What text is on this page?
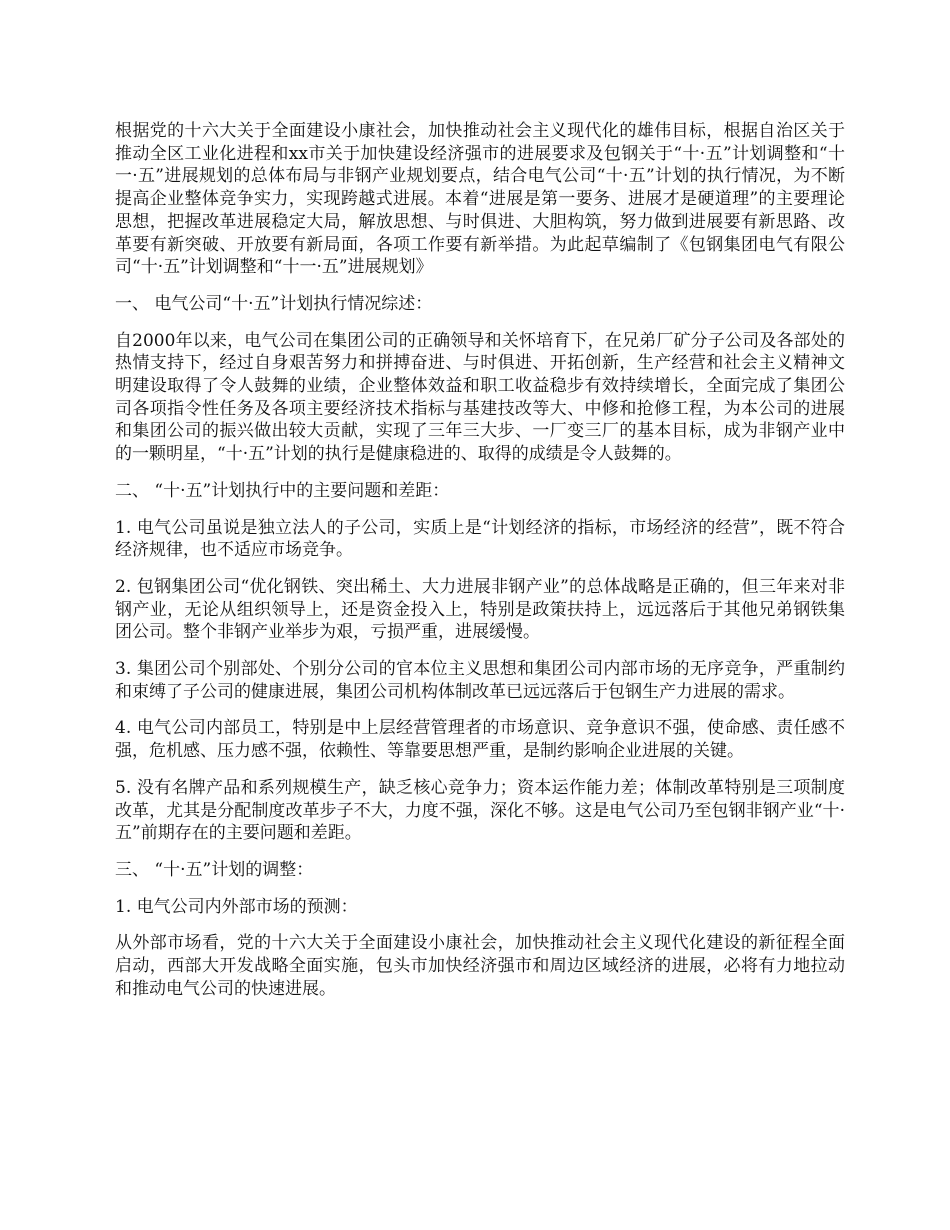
根据党的十六大关于全面建设小康社会，加快推动社会主义现代化的雄伟目标，根据自治区关于推动全区工业化进程和xx市关于加快建设经济强市的进展要求及包钢关于“十·五”计划调整和“十一·五”进展规划的总体布局与非钢产业规划要点，结合电气公司“十·五”计划的执行情况，为不断提高企业整体竞争实力，实现跨越式进展。本着“进展是第一要务、进展才是硬道理”的主要理论思想，把握改革进展稳定大局，解放思想、与时俱进、大胆构筑，努力做到进展要有新思路、改革要有新突破、开放要有新局面，各项工作要有新举措。为此起草编制了《包钢集团电气有限公司“十·五”计划调整和“十一·五”进展规划》

一、 电气公司“十·五”计划执行情况综述：

自2000年以来，电气公司在集团公司的正确领导和关怀培育下，在兄弟厂矿分子公司及各部处的热情支持下，经过自身艰苦努力和拼搏奋进、与时俱进、开拓创新，生产经营和社会主义精神文明建设取得了令人鼓舞的业绩，企业整体效益和职工收益稳步有效持续增长，全面完成了集团公司各项指令性任务及各项主要经济技术指标与基建技改等大、中修和抢修工程，为本公司的进展和集团公司的振兴做出较大贡献，实现了三年三大步、一厂变三厂的基本目标，成为非钢产业中的一颗明星，“十·五”计划的执行是健康稳进的、取得的成绩是令人鼓舞的。

二、 “十·五”计划执行中的主要问题和差距：

1. 电气公司虽说是独立法人的子公司，实质上是“计划经济的指标，市场经济的经营”，既不符合经济规律，也不适应市场竞争。

2. 包钢集团公司“优化钢铁、突出稀土、大力进展非钢产业”的总体战略是正确的，但三年来对非钢产业，无论从组织领导上，还是资金投入上，特别是政策扶持上，远远落后于其他兄弟钢铁集团公司。整个非钢产业举步为艰，亏损严重，进展缓慢。

3. 集团公司个别部处、个别分公司的官本位主义思想和集团公司内部市场的无序竞争，严重制约和束缚了子公司的健康进展，集团公司机构体制改革已远远落后于包钢生产力进展的需求。

4. 电气公司内部员工，特别是中上层经营管理者的市场意识、竞争意识不强，使命感、责任感不强，危机感、压力感不强，依赖性、等靠要思想严重，是制约影响企业进展的关键。

5. 没有名牌产品和系列规模生产，缺乏核心竞争力；资本运作能力差；体制改革特别是三项制度改革，尤其是分配制度改革步子不大，力度不强，深化不够。这是电气公司乃至包钢非钢产业“十·五”前期存在的主要问题和差距。

三、 “十·五”计划的调整：

1. 电气公司内外部市场的预测：

从外部市场看，党的十六大关于全面建设小康社会，加快推动社会主义现代化建设的新征程全面启动，西部大开发战略全面实施，包头市加快经济强市和周边区域经济的进展，必将有力地拉动和推动电气公司的快速进展。
